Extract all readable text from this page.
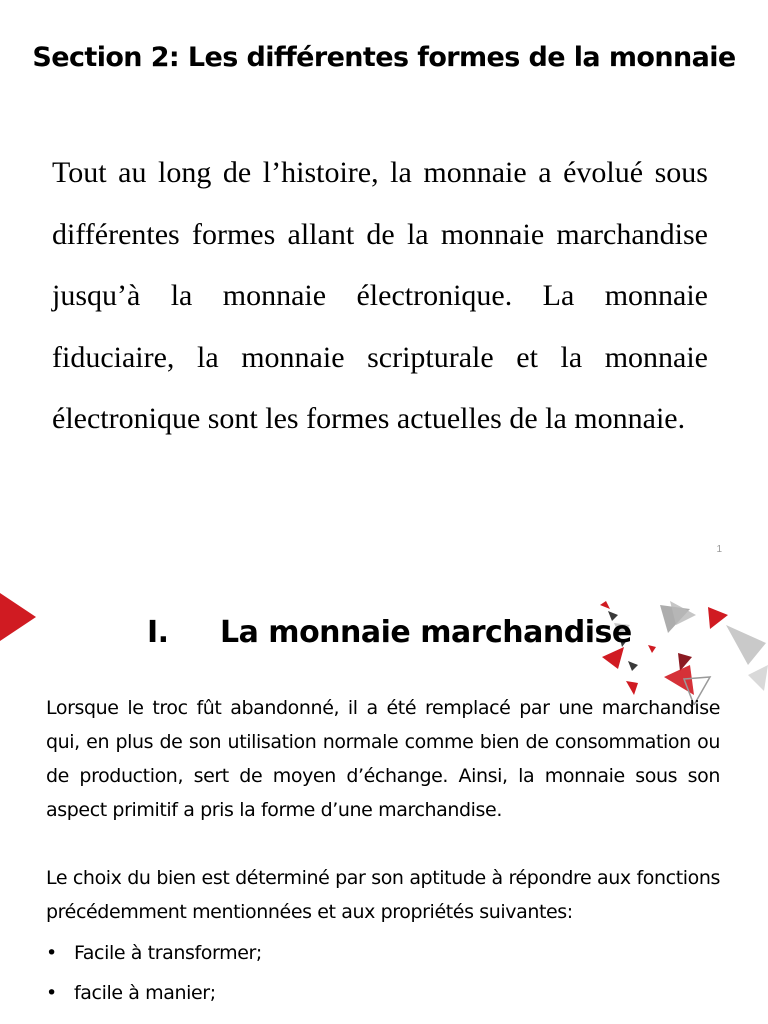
Section 2: Les différentes formes de la monnaie

Tout au long de l’histoire, la monnaie a évolué sous différentes formes allant de la monnaie marchandise jusqu’à la monnaie électronique. La monnaie fiduciaire, la monnaie scripturale et la monnaie électronique sont les formes actuelles de la monnaie.

1
I. La monnaie marchandise

Lorsque le troc fût abandonné, il a été remplacé par une marchandise qui, en plus de son utilisation normale comme bien de consommation ou de production, sert de moyen d’échange. Ainsi, la monnaie sous son aspect primitif a pris la forme d’une marchandise.

Le choix du bien est déterminé par son aptitude à répondre aux fonctions précédemment mentionnées et aux propriétés suivantes:

• Facile à transformer;
• facile à manier;
